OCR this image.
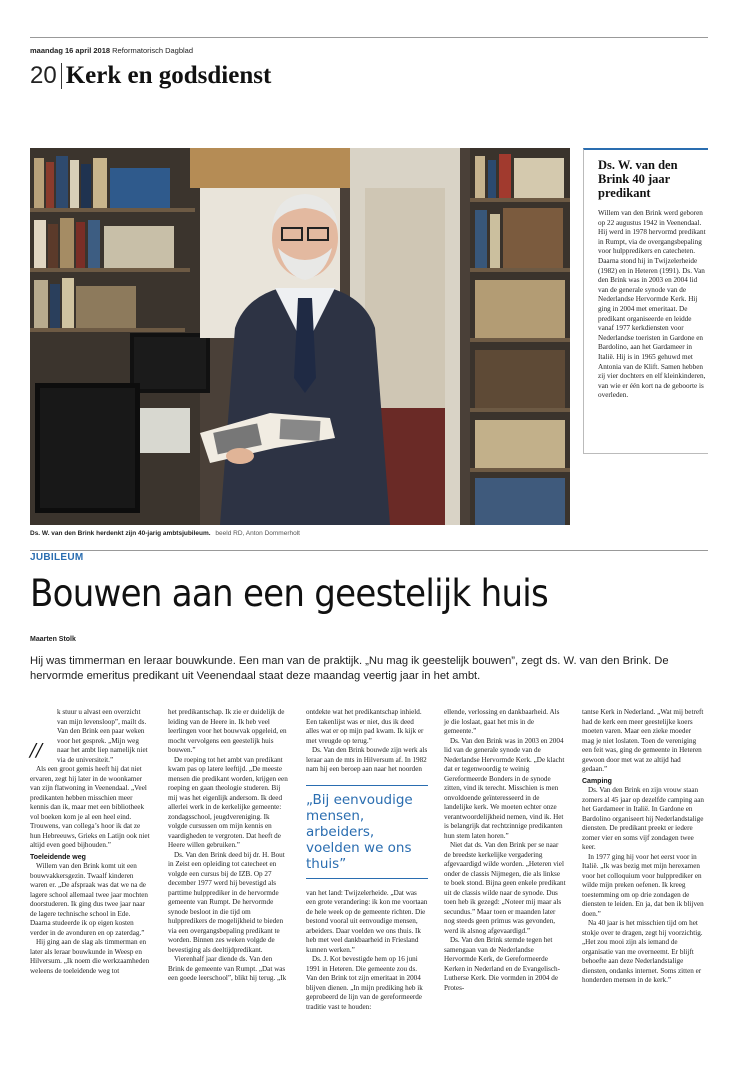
maandag 16 april 2018 Reformatorisch Dagblad
20 Kerk en godsdienst
Ds. W. van den Brink herdenkt zijn 40-jarig ambtsjubileum. beeld RD, Anton Dommerholt
Ds. W. van den Brink 40 jaar predikant

Willem van den Brink werd geboren op 22 augustus 1942 in Veenendaal. Hij werd in 1978 hervormd predikant in Rumpt, via de overgangsbepaling voor hulppredikers en catecheten. Daarna stond hij in Twijzelerheide (1982) en in Heteren (1991). Ds. Van den Brink was in 2003 en 2004 lid van de generale synode van de Nederlandse Hervormde Kerk. Hij ging in 2004 met emeritaat. De predikant organiseerde en leidde vanaf 1977 kerkdiensten voor Nederlandse toeristen in Gardone en Bardolino, aan het Gardameer in Italië. Hij is in 1965 gehuwd met Antonia van de Klift. Samen hebben zij vier dochters en elf kleinkinderen, van wie er één kort na de geboorte is overleden.

JUBILEUM
Bouwen aan een geestelijk huis
Maarten Stolk

Hij was timmerman en leraar bouwkunde. Een man van de praktijk. „Nu mag ik geestelijk bouwen”, zegt ds. W. van den Brink. De hervormde emeritus predikant uit Veenendaal staat deze maandag veertig jaar in het ambt.

//

k stuur u alvast een overzicht van mijn levensloop”, mailt ds. Van den Brink een paar weken voor het gesprek. „Mijn weg naar het ambt liep namelijk niet via de universiteit.”

Als een groot gemis heeft hij dat niet ervaren, zegt hij later in de woonkamer van zijn flatwoning in Veenendaal. „Veel predikanten hebben misschien meer kennis dan ik, maar met een bibliotheek vol boeken kom je al een heel eind. Trouwens, van collega’s hoor ik dat ze hun Hebreeuws, Grieks en Latijn ook niet altijd even goed bijhouden.”

Toeleidende weg

Willem van den Brink komt uit een bouwvakkersgezin. Twaalf kinderen waren er. „De afspraak was dat we na de lagere school allemaal twee jaar mochten doorstuderen. Ik ging dus twee jaar naar de lagere technische school in Ede. Daarna studeerde ik op eigen kosten verder in de avonduren en op zaterdag.”

Hij ging aan de slag als timmerman en later als leraar bouwkunde in Weesp en Hilversum. „Ik noem die werkzaamheden weleens de toeleidende weg tot

het predikantschap. Ik zie er duidelijk de leiding van de Heere in. Ik heb veel leerlingen voor het bouwvak opgeleid, en mocht vervolgens een geestelijk huis bouwen.”

De roeping tot het ambt van predikant kwam pas op latere leeftijd. „De meeste mensen die predikant worden, krijgen een roeping en gaan theologie studeren. Bij mij was het eigenlijk andersom. Ik deed allerlei werk in de kerkelijke gemeente: zondagsschool, jeugdvereniging. Ik volgde cursussen om mijn kennis en vaardigheden te vergroten. Dat heeft de Heere willen gebruiken.”

Ds. Van den Brink deed bij dr. H. Bout in Zeist een opleiding tot catecheet en volgde een cursus bij de IZB. Op 27 december 1977 werd hij bevestigd als parttime hulpprediker in de hervormde gemeente van Rumpt. De hervormde synode besloot in die tijd om hulppredikers de mogelijkheid te bieden via een overgangsbepaling predikant te worden. Binnen zes weken volgde de bevestiging als deeltijdpredikant.

Vierenhalf jaar diende ds. Van den Brink de gemeente van Rumpt. „Dat was een goede leerschool”, blikt hij terug. „Ik

ontdekte wat het predikantschap inhield. Een takenlijst was er niet, dus ik deed alles wat er op mijn pad kwam. Ik kijk er met vreugde op terug.”

Ds. Van den Brink bouwde zijn werk als leraar aan de mts in Hilversum af. In 1982 nam hij een beroep aan naar het noorden

„Bij eenvoudige mensen, arbeiders, voelden we ons thuis”

van het land: Twijzelerheide. „Dat was een grote verandering: ik kon me voortaan de hele week op de gemeente richten. Die bestond vooral uit eenvoudige mensen, arbeiders. Daar voelden we ons thuis. Ik heb met veel dankbaarheid in Friesland kunnen werken.”

Ds. J. Kot bevestigde hem op 16 juni 1991 in Heteren. Die gemeente zou ds. Van den Brink tot zijn emeritaat in 2004 blijven dienen. „In mijn prediking heb ik geprobeerd de lijn van de gereformeerde traditie vast te houden:

ellende, verlossing en dankbaarheid. Als je die loslaat, gaat het mis in de gemeente.”

Ds. Van den Brink was in 2003 en 2004 lid van de generale synode van de Nederlandse Hervormde Kerk. „De klacht dat er tegenwoordig te weinig Gereformeerde Bonders in de synode zitten, vind ik terecht. Misschien is men onvoldoende geïnteresseerd in de landelijke kerk. We moeten echter onze verantwoordelijkheid nemen, vind ik. Het is belangrijk dat rechtzinnige predikanten hun stem laten horen.”

Niet dat ds. Van den Brink per se naar de breedste kerkelijke vergadering afgevaardigd wilde worden. „Heteren viel onder de classis Nijmegen, die als linkse te boek stond. Bijna geen enkele predikant uit de classis wilde naar de synode. Dus toen heb ik gezegd: „Noteer mij maar als secundus.” Maar toen er maanden later nog steeds geen primus was gevonden, werd ik alsnog afgevaardigd.”

Ds. Van den Brink stemde tegen het samengaan van de Nederlandse Hervormde Kerk, de Gereformeerde Kerken in Nederland en de Evangelisch-Lutherse Kerk. Die vormden in 2004 de Protes-

tantse Kerk in Nederland. „Wat mij betreft had de kerk een meer geestelijke koers moeten varen. Maar een zieke moeder mag je niet loslaten. Toen de vereniging een feit was, ging de gemeente in Heteren gewoon door met wat ze altijd had gedaan.”

Camping

Ds. Van den Brink en zijn vrouw staan zomers al 45 jaar op dezelfde camping aan het Gardameer in Italië. In Gardone en Bardolino organiseert hij Nederlandstalige diensten. De predikant preekt er iedere zomer vier en soms vijf zondagen twee keer.

In 1977 ging hij voor het eerst voor in Italië. „Ik was bezig met mijn herexamen voor het colloquium voor hulpprediker en wilde mijn preken oefenen. Ik kreeg toestemming om op drie zondagen de diensten te leiden. En ja, dat ben ik blijven doen.”

Na 40 jaar is het misschien tijd om het stokje over te dragen, zegt hij voorzichtig. „Het zou mooi zijn als iemand de organisatie van me overneemt. Er blijft behoefte aan deze Nederlandstalige diensten, ondanks internet. Soms zitten er honderden mensen in de kerk.”
